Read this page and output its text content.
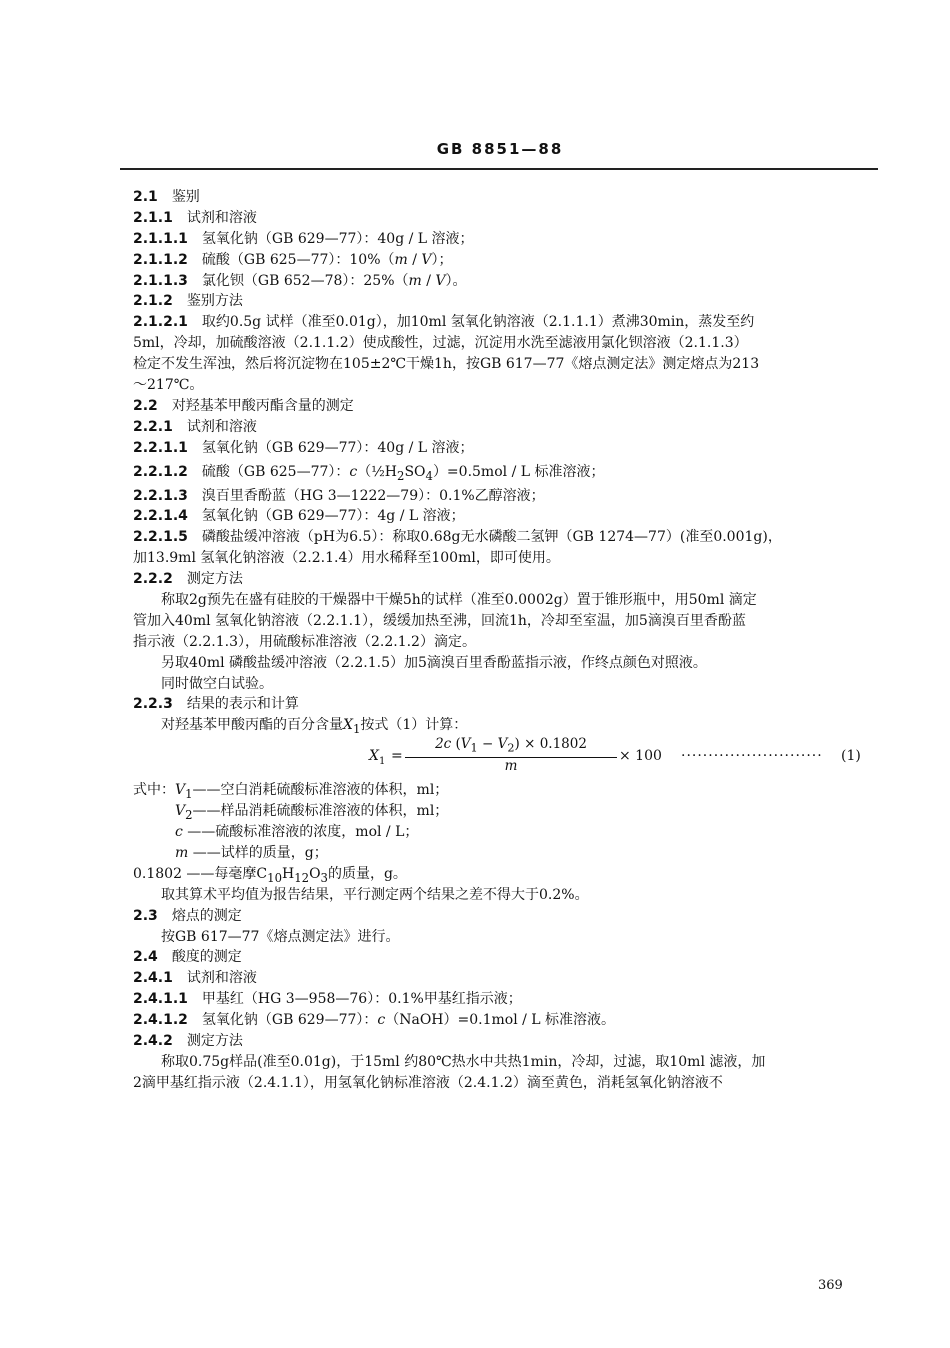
GB 8851—88
2.1 鉴别
2.1.1 试剂和溶液
2.1.1.1 氢氧化钠（GB 629—77）：40g / L 溶液；
2.1.1.2 硫酸（GB 625—77）：10%（m / V）；
2.1.1.3 氯化钡（GB 652—78）：25%（m / V）。
2.1.2 鉴别方法
2.1.2.1 取约0.5g 试样（准至0.01g），加10ml 氢氧化钠溶液（2.1.1.1）煮沸30min，蒸发至约
5ml，冷却，加硫酸溶液（2.1.1.2）使成酸性，过滤，沉淀用水洗至滤液用氯化钡溶液（2.1.1.3）
检定不发生浑浊，然后将沉淀物在105±2℃干燥1h，按GB 617—77《熔点测定法》测定熔点为213
～217℃。
2.2 对羟基苯甲酸丙酯含量的测定
2.2.1 试剂和溶液
2.2.1.1 氢氧化钠（GB 629—77）：40g / L 溶液；
2.2.1.2 硫酸（GB 625—77）：$c(\frac{1}{2}H_2SO_4)=0.5mol / L$ 标准溶液；
2.2.1.3 溴百里香酚蓝（HG 3—1222—79）：0.1%乙醇溶液；
2.2.1.4 氢氧化钠（GB 629—77）：4g / L 溶液；
2.2.1.5 磷酸盐缓冲溶液（pH为6.5）：称取0.68g无水磷酸二氢钾（GB 1274—77）(准至0.001g)，
加13.9ml 氢氧化钠溶液（2.2.1.4）用水稀释至100ml，即可使用。
2.2.2 测定方法
称取2g预先在盛有硅胶的干燥器中干燥5h的试样（准至0.0002g）置于锥形瓶中，用50ml 滴定
管加入40ml 氢氧化钠溶液（2.2.1.1），缓缓加热至沸，回流1h，冷却至室温，加5滴溴百里香酚蓝
指示液（2.2.1.3），用硫酸标准溶液（2.2.1.2）滴定。
另取40ml 磷酸盐缓冲溶液（2.2.1.5）加5滴溴百里香酚蓝指示液，作终点颜色对照液。
同时做空白试验。
2.2.3 结果的表示和计算
对羟基苯甲酸丙酯的百分含量$X_1$按式（1）计算：
$X_1$ =
2c $(V_1 - V_2) \times 0.1802$
m
× 100 ·························· (1)
式中：$V_1——$空白消耗硫酸标准溶液的体积，ml；
$V_2——$样品消耗硫酸标准溶液的体积，ml；
c ——硫酸标准溶液的浓度，mol / L；
m ——试样的质量，g；
0.1802 ——每毫摩$C_{10}H_{12}O_3$的质量，g。
取其算术平均值为报告结果，平行测定两个结果之差不得大于0.2%。
2.3 熔点的测定
按GB 617—77《熔点测定法》进行。
2.4 酸度的测定
2.4.1 试剂和溶液
2.4.1.1 甲基红（HG 3—958—76）：0.1%甲基红指示液；
2.4.1.2 氢氧化钠（GB 629—77）：c（NaOH）=0.1mol / L 标准溶液。
2.4.2 测定方法
称取0.75g样品(准至0.01g)，于15ml 约80℃热水中共热1min，冷却，过滤，取10ml 滤液，加
2滴甲基红指示液（2.4.1.1），用氢氧化钠标准溶液（2.4.1.2）滴至黄色，消耗氢氧化钠溶液不
369
